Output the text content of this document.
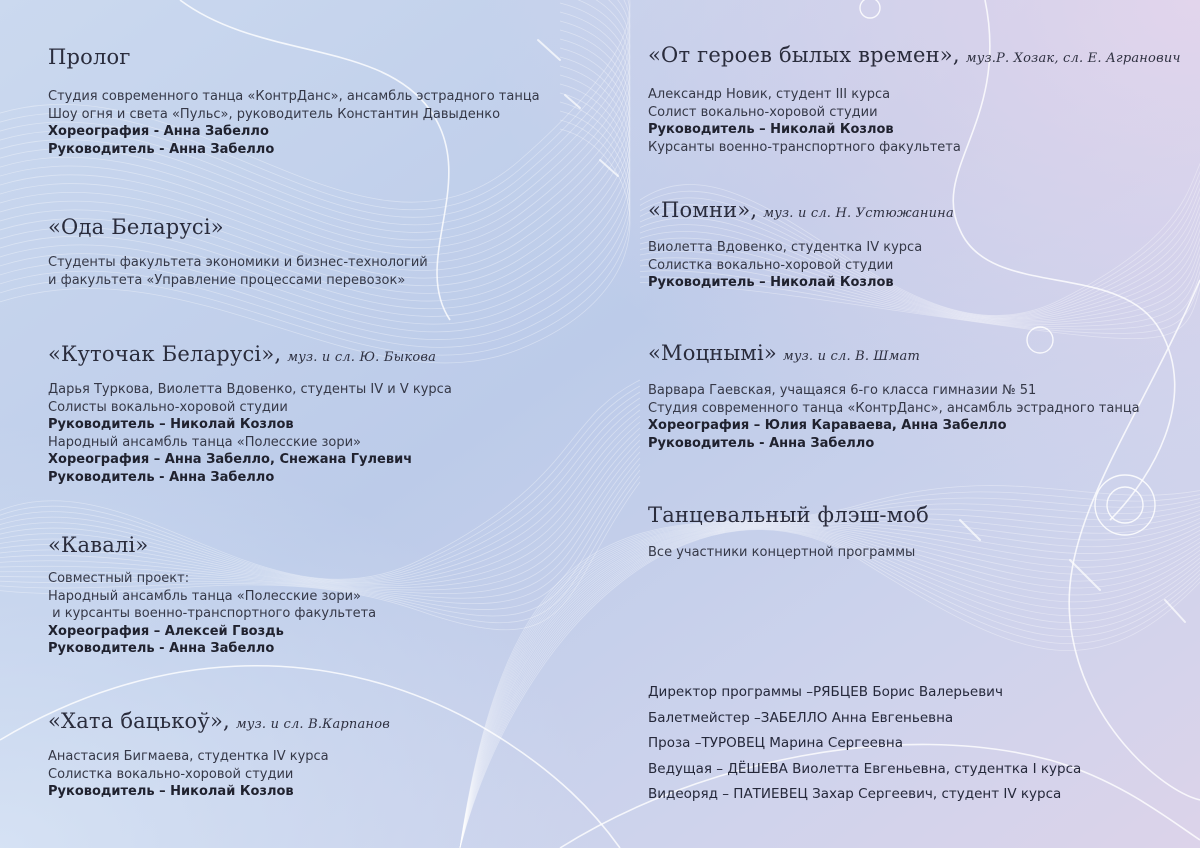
Пролог
Студия современного танца «КонтрДанс», ансамбль эстрадного танца
Шоу огня и света «Пульс», руководитель Константин Давыденко
Хореография - Анна Забелло
Руководитель - Анна Забелло
«Ода Беларусі»
Студенты факультета экономики и бизнес-технологий
и факультета «Управление процессами перевозок»
«Куточак Беларусі», муз. и сл. Ю. Быкова
Дарья Туркова, Виолетта Вдовенко, студенты IV и V курса
Солисты вокально-хоровой студии
Руководитель – Николай Козлов
Народный ансамбль танца «Полесские зори»
Хореография – Анна Забелло, Снежана Гулевич
Руководитель - Анна Забелло
«Кавалі»
Совместный проект:
Народный ансамбль танца «Полесские зори»
и курсанты военно-транспортного факультета
Хореография – Алексей Гвоздь
Руководитель - Анна Забелло
«Хата бацькоў», муз. и сл. В.Карпанов
Анастасия Бигмаева, студентка IV курса
Солистка вокально-хоровой студии
Руководитель – Николай Козлов
«От героев былых времен», муз.Р. Хозак, сл. Е. Агранович
Александр Новик, студент III курса
Солист вокально-хоровой студии
Руководитель – Николай Козлов
Курсанты военно-транспортного факультета
«Помни», муз. и сл. Н. Устюжанина
Виолетта Вдовенко, студентка IV курса
Солистка вокально-хоровой студии
Руководитель – Николай Козлов
«Моцнымі» муз. и сл. В. Шмат
Варвара Гаевская, учащаяся 6-го класса гимназии № 51
Студия современного танца «КонтрДанс», ансамбль эстрадного танца
Хореография – Юлия Караваева, Анна Забелло
Руководитель - Анна Забелло
Танцевальный флэш-моб
Все участники концертной программы
Директор программы –РЯБЦЕВ Борис Валерьевич
Балетмейстер –ЗАБЕЛЛО Анна Евгеньевна
Проза –ТУРОВЕЦ Марина Сергеевна
Ведущая – ДЁШЕВА Виолетта Евгеньевна, студентка I курса
Видеоряд – ПАТИЕВЕЦ Захар Сергеевич, студент IV курса
